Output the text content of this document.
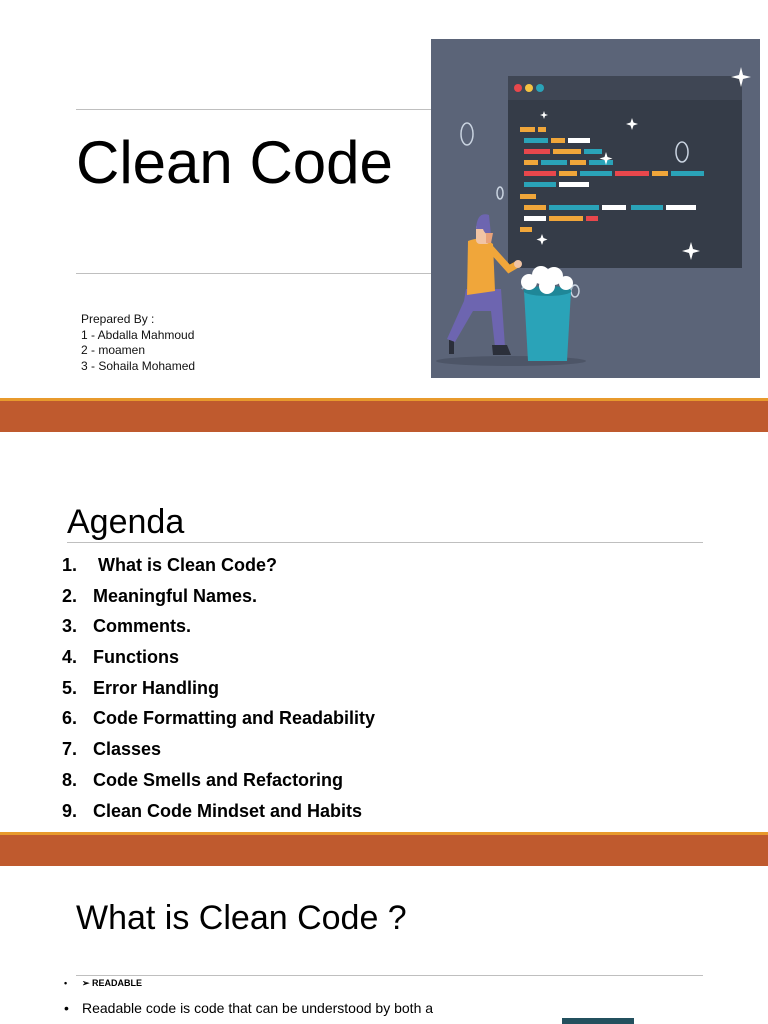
Clean Code
Prepared By :
1 - Abdalla Mahmoud
2 - moamen
3 - Sohaila Mohamed
Agenda
1. What is Clean Code?
2. Meaningful Names.
3. Comments.
4. Functions
5. Error Handling
6. Code Formatting and Readability
7. Classes
8. Code Smells and Refactoring
9. Clean Code Mindset and Habits
What is Clean Code ?
• ➢ READABLE
• Readable code is code that can be understood by both a
